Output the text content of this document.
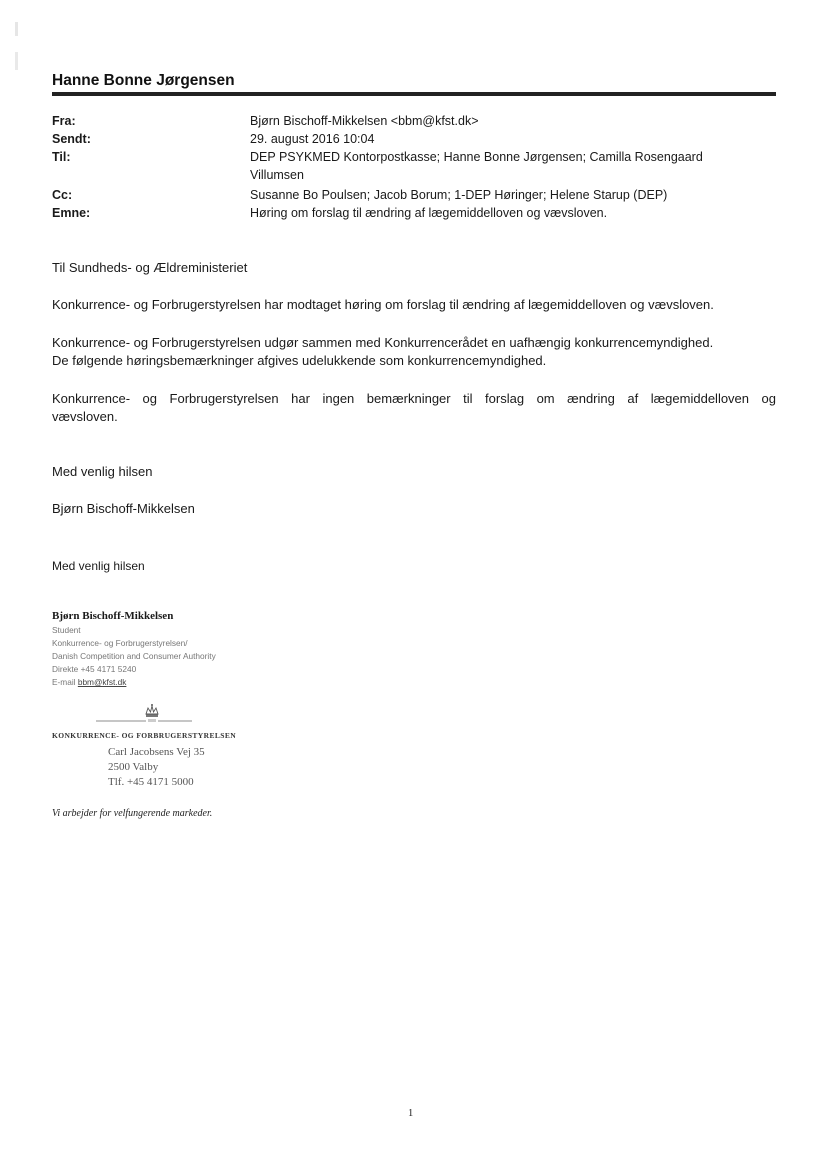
Hanne Bonne Jørgensen
Fra:	Bjørn Bischoff-Mikkelsen <bbm@kfst.dk>
Sendt:	29. august 2016 10:04
Til:	DEP PSYKMED Kontorpostkasse; Hanne Bonne Jørgensen; Camilla Rosengaard
Villumsen
Cc:	Susanne Bo Poulsen; Jacob Borum; 1-DEP Høringer; Helene Starup (DEP)
Emne:	Høring om forslag til ændring af lægemiddelloven og vævsloven.
Til Sundheds- og Ældreministeriet
Konkurrence- og Forbrugerstyrelsen har modtaget høring om forslag til ændring af lægemiddelloven og vævsloven.
Konkurrence- og Forbrugerstyrelsen udgør sammen med Konkurrencerådet en uafhængig konkurrencemyndighed.
De følgende høringsbemærkninger afgives udelukkende som konkurrencemyndighed.
Konkurrence- og Forbrugerstyrelsen har ingen bemærkninger til forslag om ændring af lægemiddelloven og
vævsloven.
Med venlig hilsen
Bjørn Bischoff-Mikkelsen
Med venlig hilsen
Bjørn Bischoff-Mikkelsen
Student
Konkurrence- og Forbrugerstyrelsen/
Danish Competition and Consumer Authority
Direkte +45 4171 5240
E-mail bbm@kfst.dk
KONKURRENCE- OG FORBRUGERSTYRELSEN
Carl Jacobsens Vej 35
2500 Valby
Tlf. +45 4171 5000
Vi arbejder for velfungerende markeder.
1
